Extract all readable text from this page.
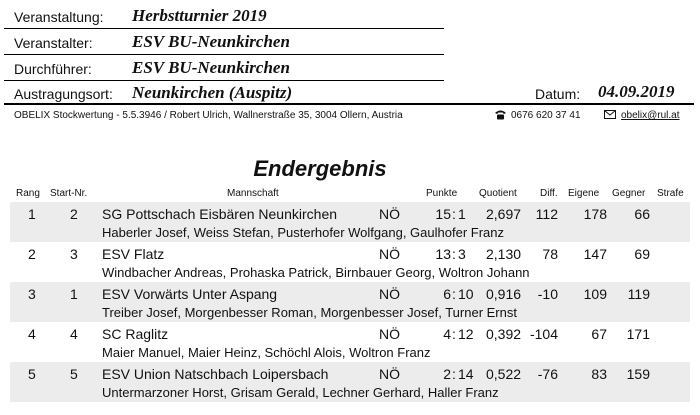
Veranstaltung: Herbstturnier 2019
Veranstalter: ESV BU-Neunkirchen
Durchführer: ESV BU-Neunkirchen
Austragungsort: Neunkirchen (Auspitz)	Datum: 04.09.2019
OBELIX Stockwertung - 5.5.3946 / Robert Ulrich, Wallnerstraße 35, 3004 Ollern, Austria	0676 620 37 41	obelix@rul.at
Endergebnis
Rang Start-Nr.	Mannschaft	Punkte Quotient Diff. Eigene Gegner Strafe
1 2 SG Pottschach Eisbären Neunkirchen	NÖ	15 : 1 2,697	112	178	66
Haberler Josef, Weiss Stefan, Pusterhofer Wolfgang, Gaulhofer Franz
2 3 ESV Flatz	NÖ	13 : 3 2,130	78	147	69
Windbacher Andreas, Prohaska Patrick, Birnbauer Georg, Woltron Johann
3 1 ESV Vorwärts Unter Aspang	NÖ	6 : 10 0,916	-10	109	119
Treiber Josef, Morgenbesser Roman, Morgenbesser Josef, Turner Ernst
4 4 SC Raglitz	NÖ	4 : 12 0,392 -104	67	171
Maier Manuel, Maier Heinz, Schöchl Alois, Woltron Franz
5 5 ESV Union Natschbach Loipersbach	NÖ	2 : 14 0,522	-76	83	159
Untermarzoner Horst, Grisam Gerald, Lechner Gerhard, Haller Franz
